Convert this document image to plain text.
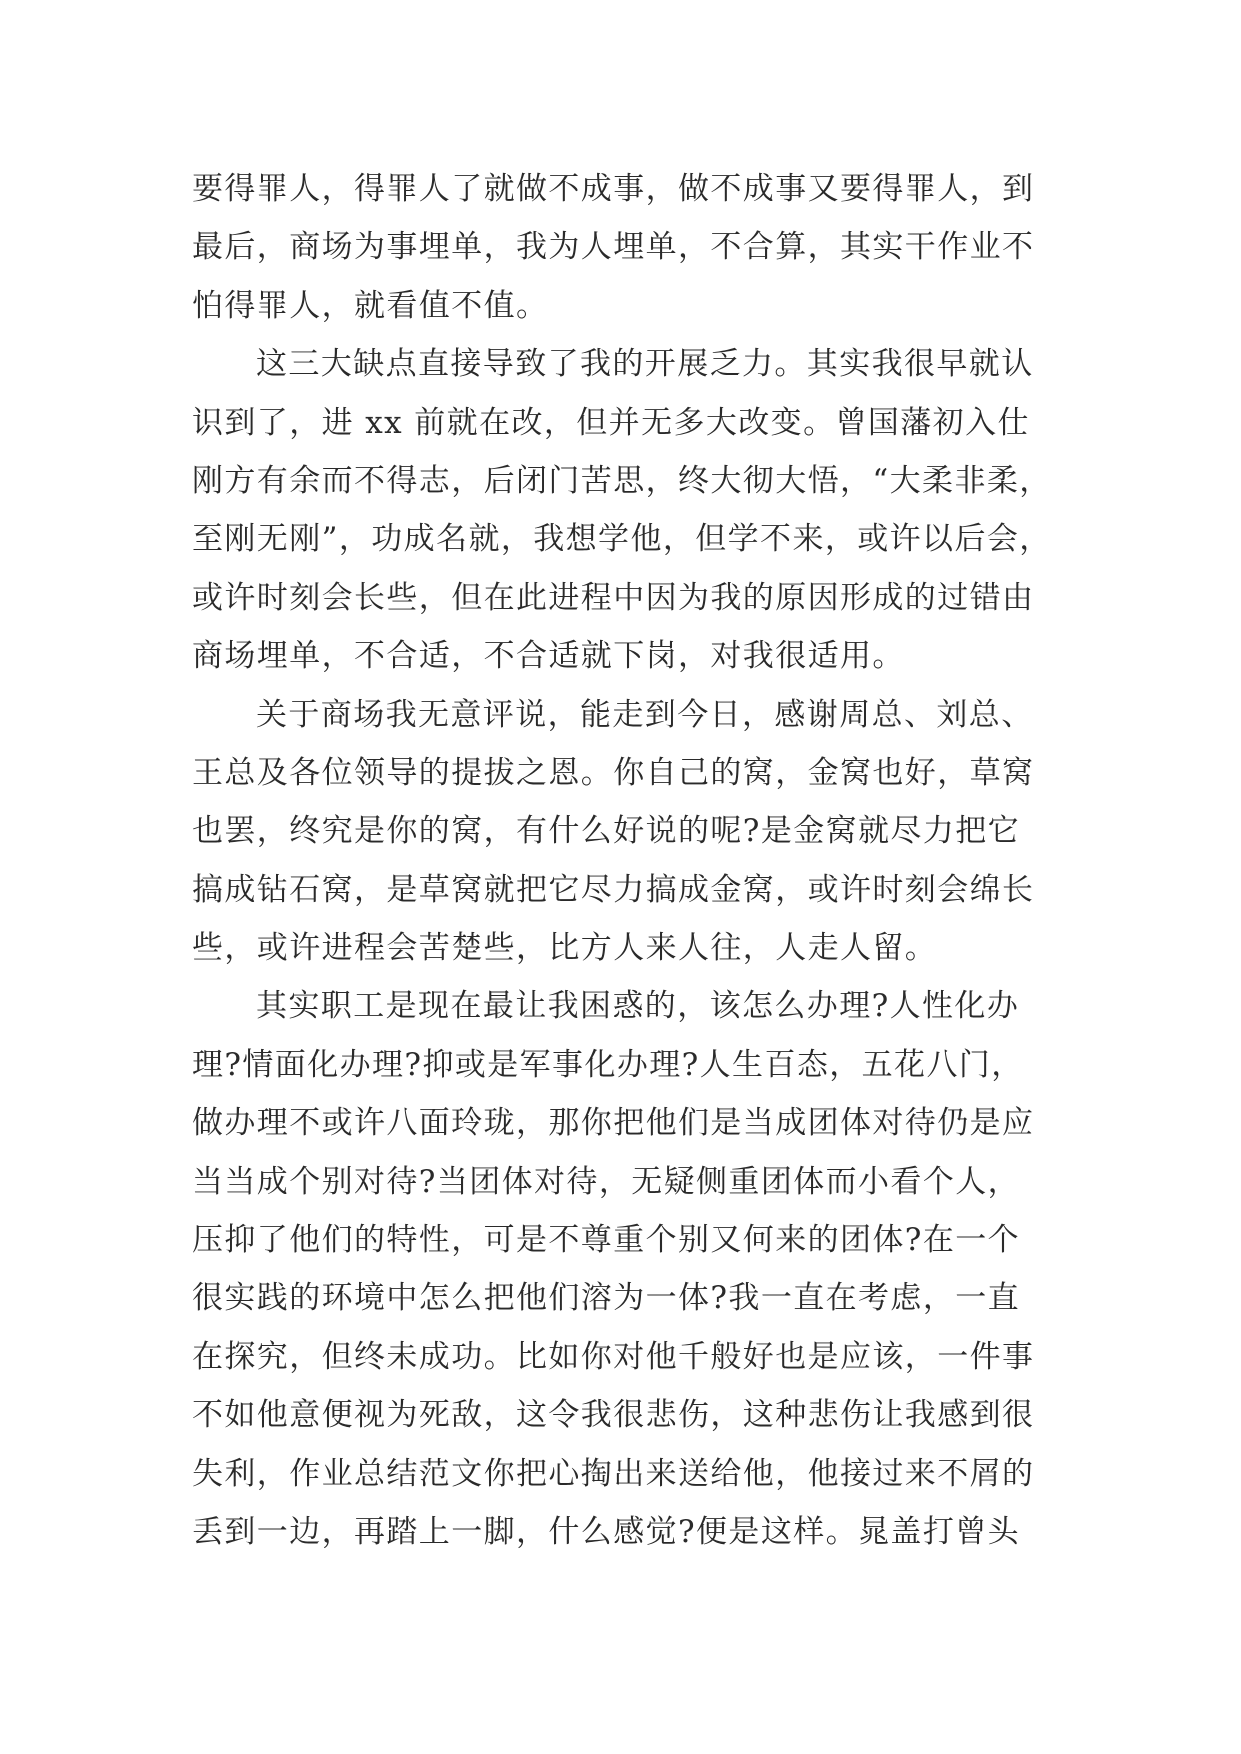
要得罪人，得罪人了就做不成事，做不成事又要得罪人，到
最后，商场为事埋单，我为人埋单，不合算，其实干作业不
怕得罪人，就看值不值。
这三大缺点直接导致了我的开展乏力。其实我很早就认
识到了，进 xx 前就在改，但并无多大改变。曾国藩初入仕
刚方有余而不得志，后闭门苦思，终大彻大悟，“大柔非柔，
至刚无刚”，功成名就，我想学他，但学不来，或许以后会，
或许时刻会长些，但在此进程中因为我的原因形成的过错由
商场埋单，不合适，不合适就下岗，对我很适用。
关于商场我无意评说，能走到今日，感谢周总、刘总、
王总及各位领导的提拔之恩。你自己的窝，金窝也好，草窝
也罢，终究是你的窝，有什么好说的呢?是金窝就尽力把它
搞成钻石窝，是草窝就把它尽力搞成金窝，或许时刻会绵长
些，或许进程会苦楚些，比方人来人往，人走人留。
其实职工是现在最让我困惑的，该怎么办理?人性化办
理?情面化办理?抑或是军事化办理?人生百态，五花八门，
做办理不或许八面玲珑，那你把他们是当成团体对待仍是应
当当成个别对待?当团体对待，无疑侧重团体而小看个人，
压抑了他们的特性，可是不尊重个别又何来的团体?在一个
很实践的环境中怎么把他们溶为一体?我一直在考虑，一直
在探究，但终未成功。比如你对他千般好也是应该，一件事
不如他意便视为死敌，这令我很悲伤，这种悲伤让我感到很
失利，作业总结范文你把心掏出来送给他，他接过来不屑的
丢到一边，再踏上一脚，什么感觉?便是这样。晁盖打曾头
